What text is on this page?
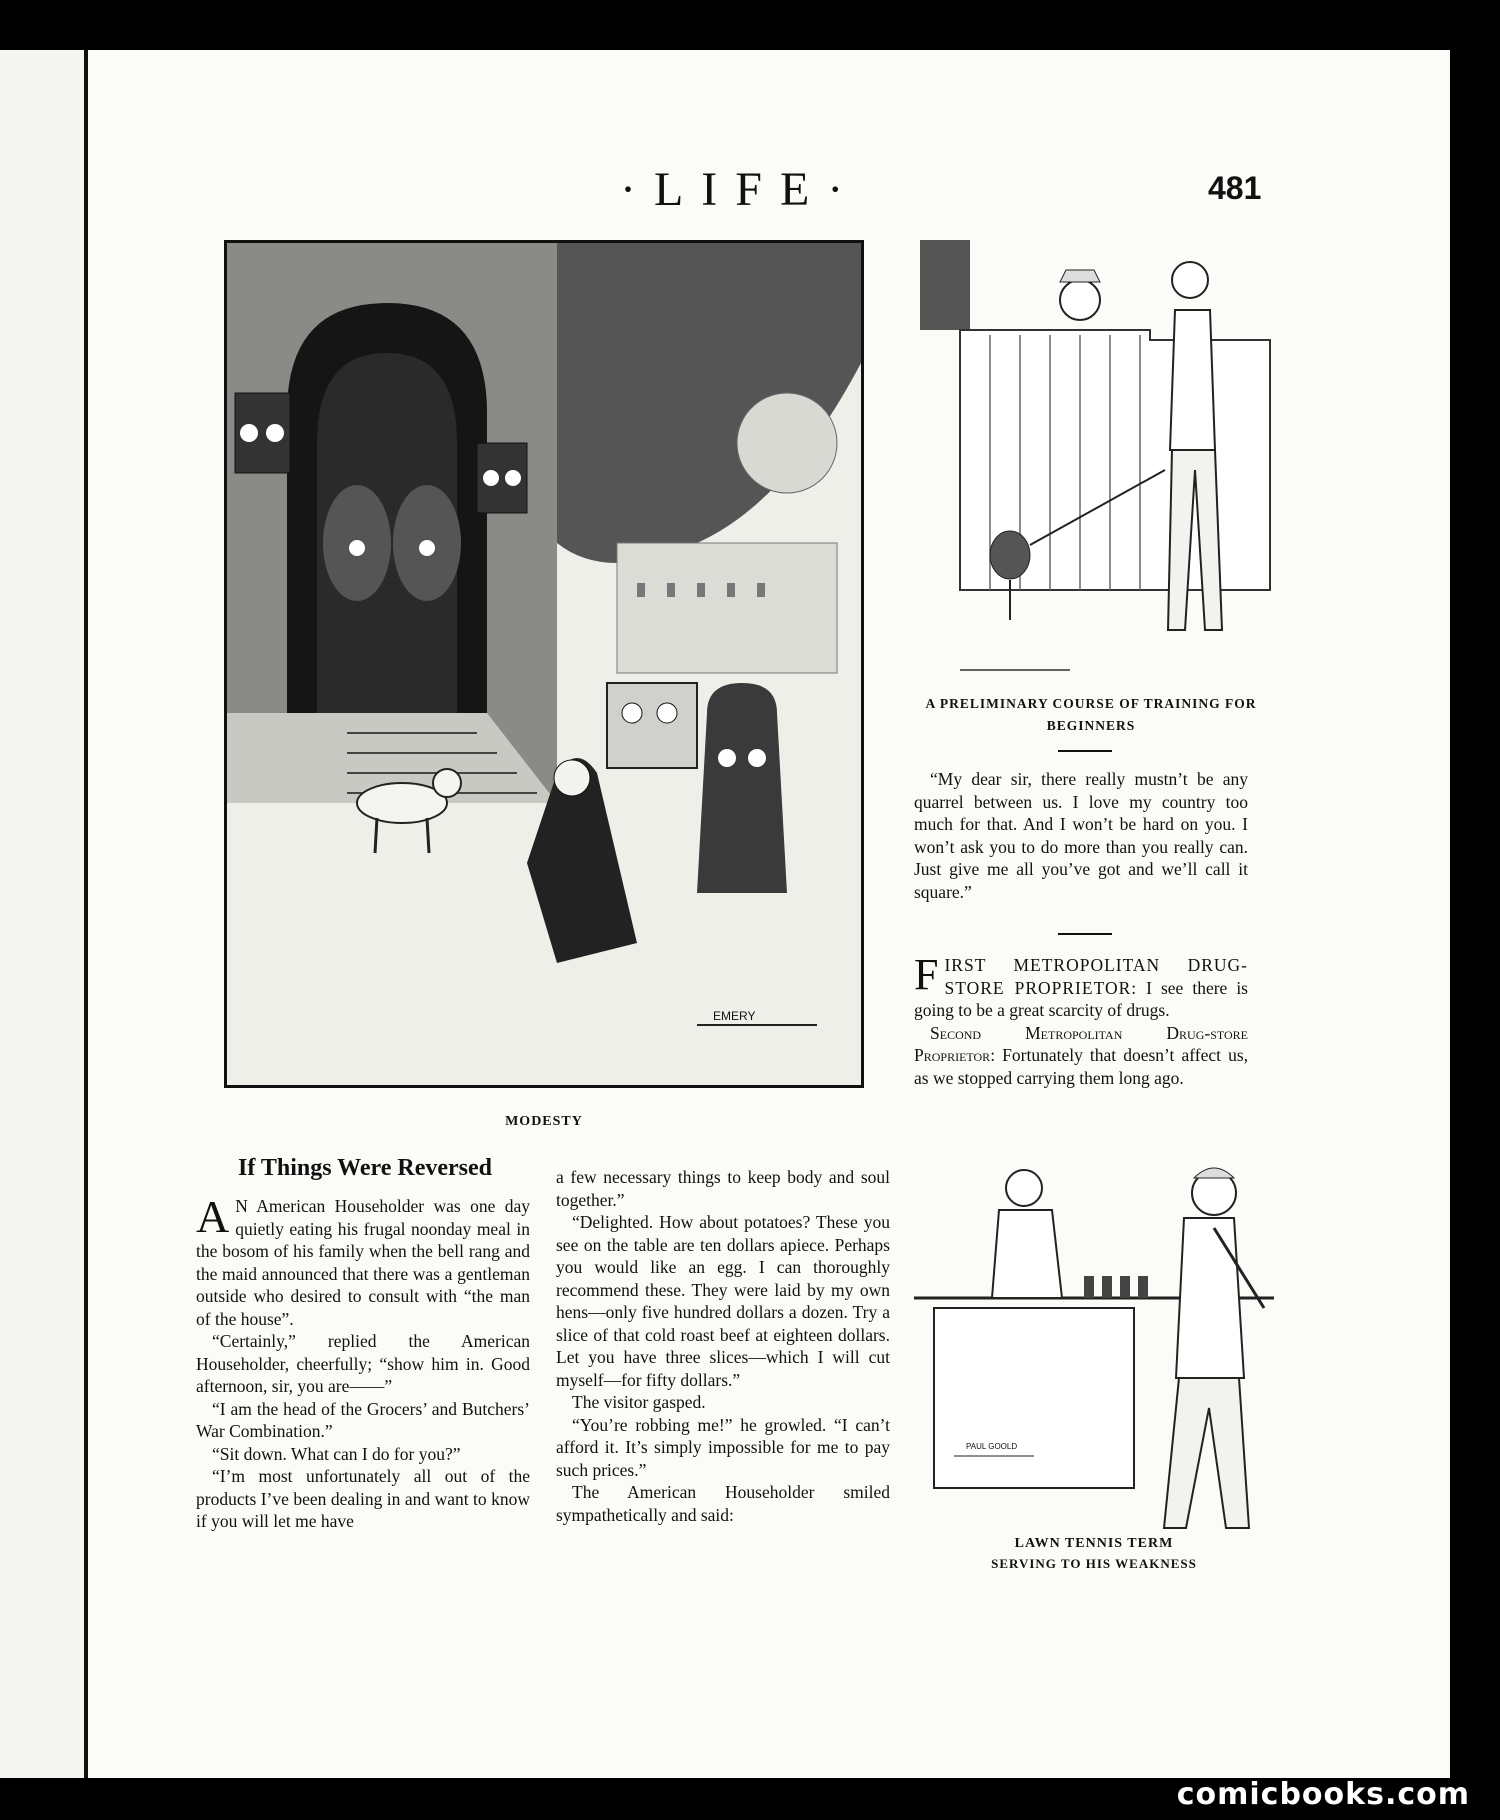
·LIFE·	481
EMERY
MODESTY
A PRELIMINARY COURSE OF TRAINING FOR BEGINNERS

“My dear sir, there really mustn’t be any quarrel between us. I love my country too much for that. And I won’t be hard on you. I won’t ask you to do more than you really can. Just give me all you’ve got and we’ll call it square.”

F IRST METROPOLITAN DRUG-STORE PROPRIETOR: I see there is going to be a great scarcity of drugs.

Second Metropolitan Drug-store Proprietor: Fortunately that doesn’t affect us, as we stopped carrying them long ago.

PAUL GOOLD
LAWN TENNIS TERM
SERVING TO HIS WEAKNESS
If Things Were Reversed

A N American Householder was one day quietly eating his frugal noonday meal in the bosom of his family when the bell rang and the maid announced that there was a gentleman outside who desired to consult with “the man of the house”.

“Certainly,” replied the American Householder, cheerfully; “show him in. Good afternoon, sir, you are——”

“I am the head of the Grocers’ and Butchers’ War Combination.”

“Sit down. What can I do for you?”

“I’m most unfortunately all out of the products I’ve been dealing in and want to know if you will let me have

a few necessary things to keep body and soul together.”

“Delighted. How about potatoes? These you see on the table are ten dollars apiece. Perhaps you would like an egg. I can thoroughly recommend these. They were laid by my own hens—only five hundred dollars a dozen. Try a slice of that cold roast beef at eighteen dollars. Let you have three slices—which I will cut myself—for fifty dollars.”

The visitor gasped.

“You’re robbing me!” he growled. “I can’t afford it. It’s simply impossible for me to pay such prices.”

The American Householder smiled sympathetically and said:

comicbooks.com
